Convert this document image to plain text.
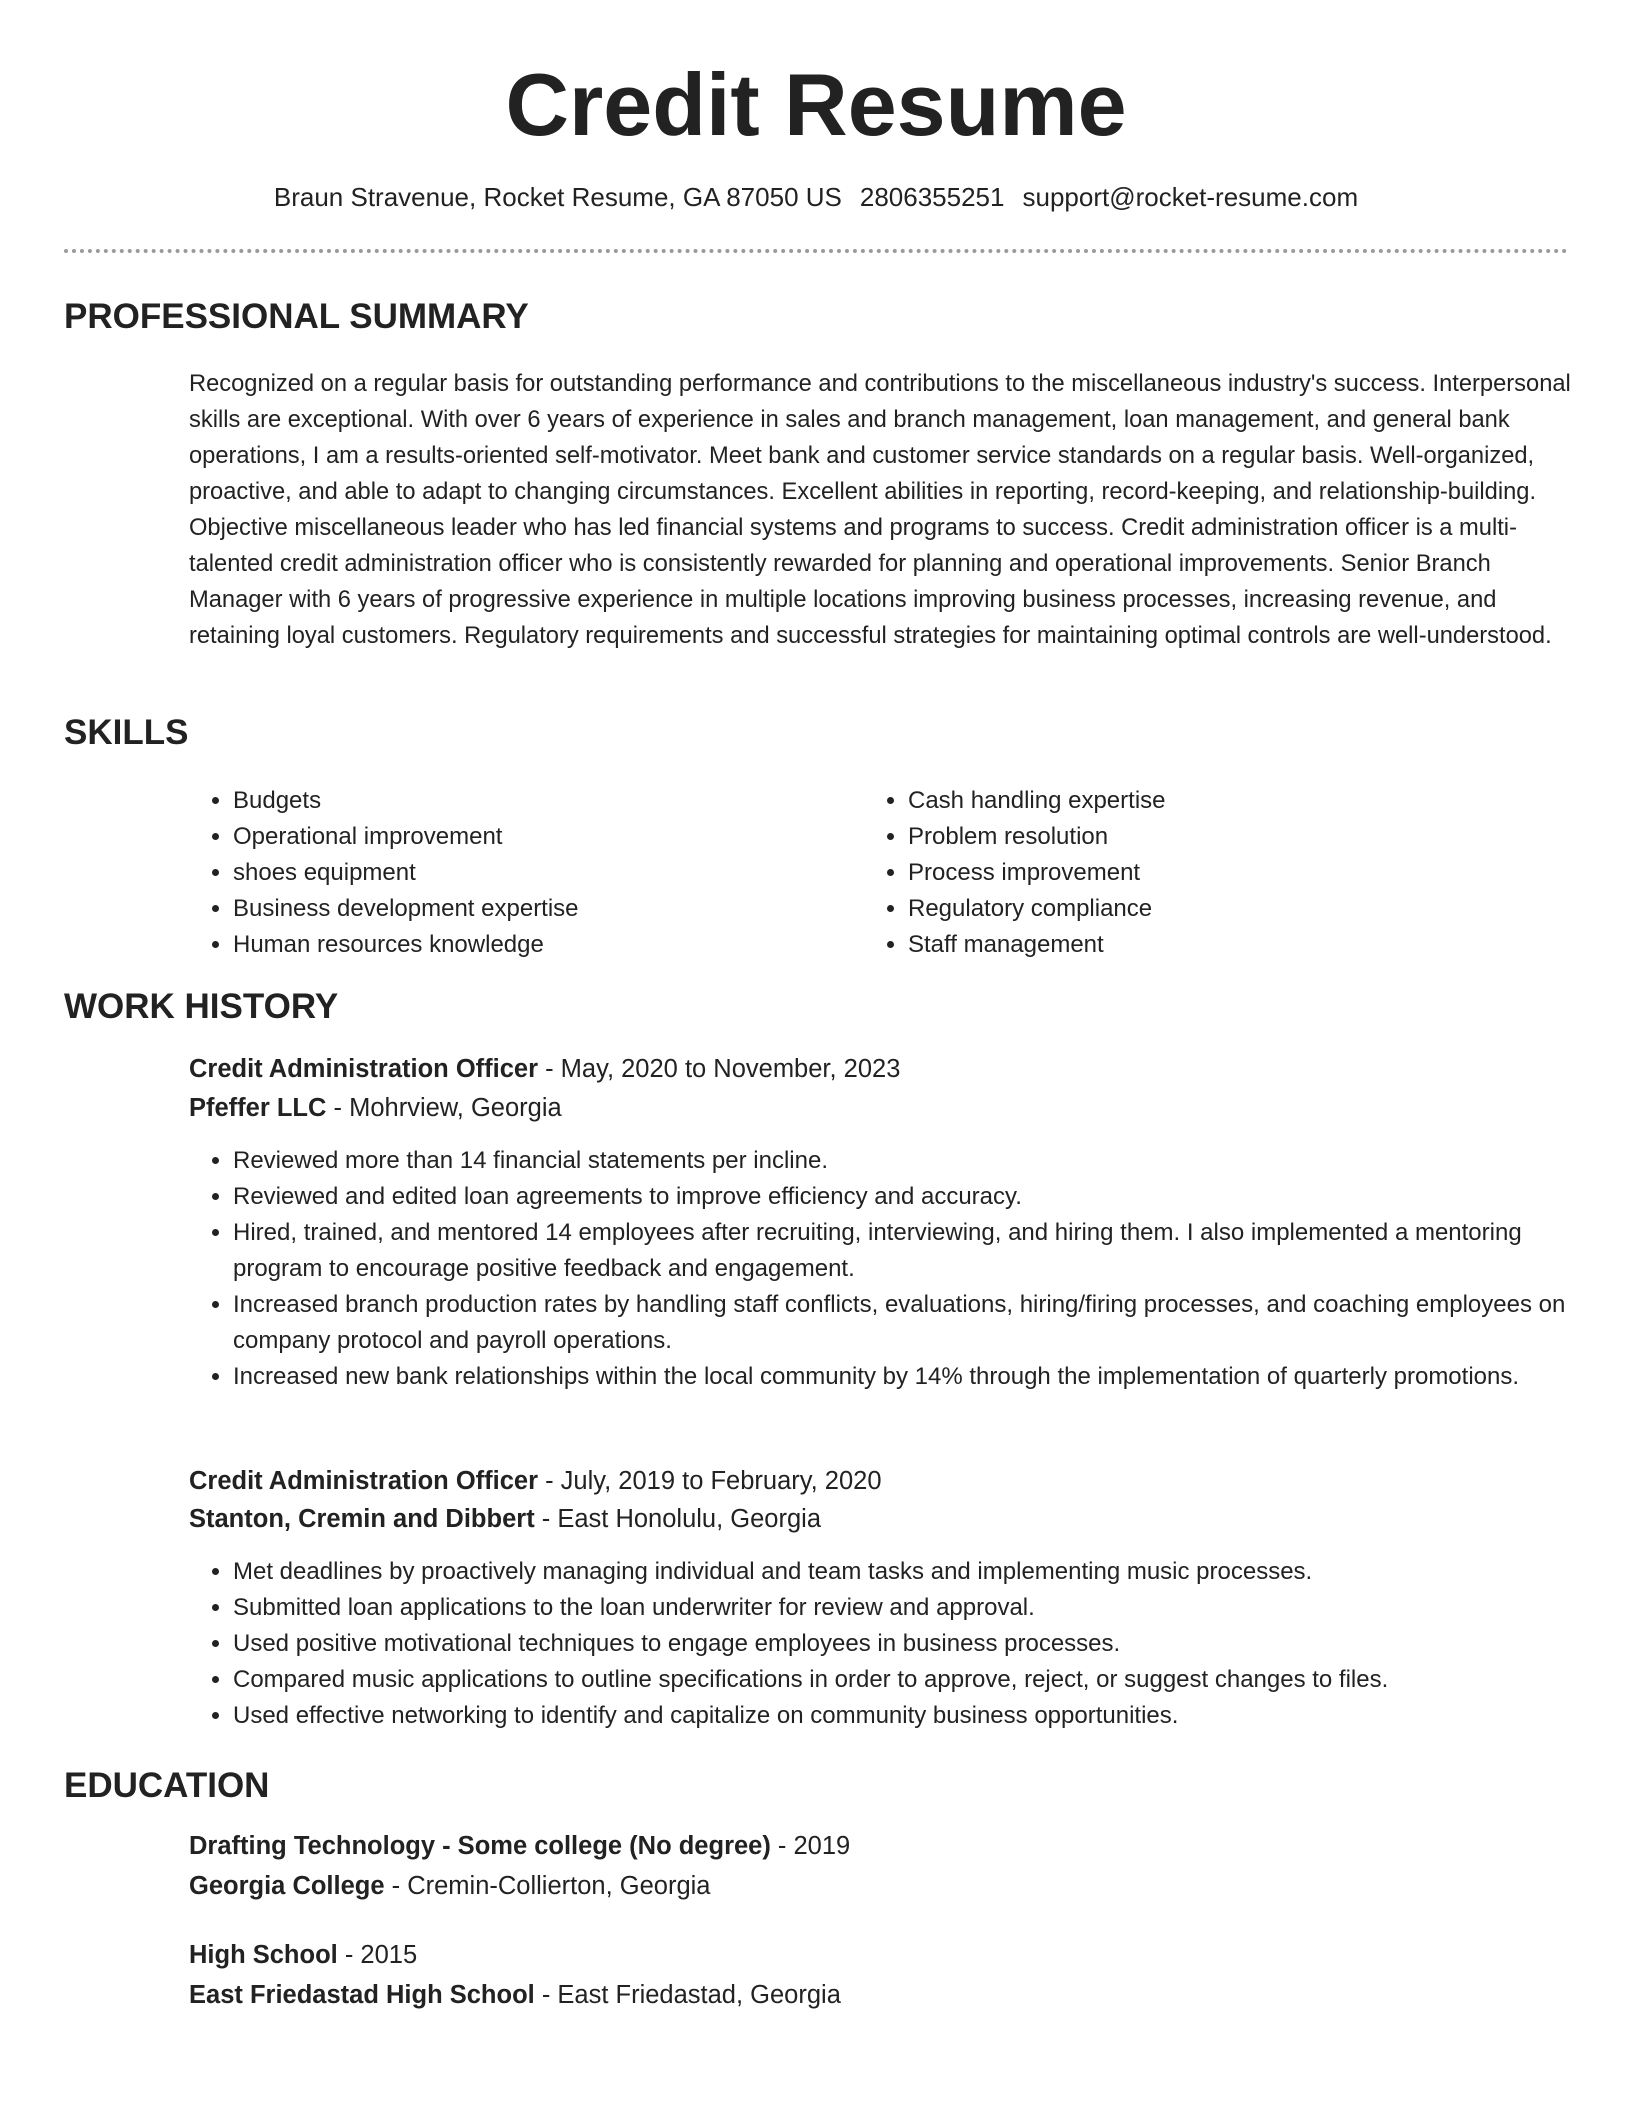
Credit Resume
Braun Stravenue, Rocket Resume, GA 87050 US 2806355251 support@rocket-resume.com
PROFESSIONAL SUMMARY

Recognized on a regular basis for outstanding performance and contributions to the miscellaneous industry's success. Interpersonal skills are exceptional. With over 6 years of experience in sales and branch management, loan management, and general bank operations, I am a results-oriented self-motivator. Meet bank and customer service standards on a regular basis. Well-organized, proactive, and able to adapt to changing circumstances. Excellent abilities in reporting, record-keeping, and relationship-building. Objective miscellaneous leader who has led financial systems and programs to success. Credit administration officer is a multi-talented credit administration officer who is consistently rewarded for planning and operational improvements. Senior Branch Manager with 6 years of progressive experience in multiple locations improving business processes, increasing revenue, and retaining loyal customers. Regulatory requirements and successful strategies for maintaining optimal controls are well-understood.

SKILLS
• Budgets
• Operational improvement
• shoes equipment
• Business development expertise
• Human resources knowledge
• Cash handling expertise
• Problem resolution
• Process improvement
• Regulatory compliance
• Staff management
WORK HISTORY
Credit Administration Officer - May, 2020 to November, 2023
Pfeffer LLC - Mohrview, Georgia
• Reviewed more than 14 financial statements per incline.
• Reviewed and edited loan agreements to improve efficiency and accuracy.
• Hired, trained, and mentored 14 employees after recruiting, interviewing, and hiring them. I also implemented a mentoring program to encourage positive feedback and engagement.
• Increased branch production rates by handling staff conflicts, evaluations, hiring/firing processes, and coaching employees on company protocol and payroll operations.
• Increased new bank relationships within the local community by 14% through the implementation of quarterly promotions.
Credit Administration Officer - July, 2019 to February, 2020
Stanton, Cremin and Dibbert - East Honolulu, Georgia
• Met deadlines by proactively managing individual and team tasks and implementing music processes.
• Submitted loan applications to the loan underwriter for review and approval.
• Used positive motivational techniques to engage employees in business processes.
• Compared music applications to outline specifications in order to approve, reject, or suggest changes to files.
• Used effective networking to identify and capitalize on community business opportunities.
EDUCATION
Drafting Technology - Some college (No degree) - 2019
Georgia College - Cremin-Collierton, Georgia
High School - 2015
East Friedastad High School - East Friedastad, Georgia
